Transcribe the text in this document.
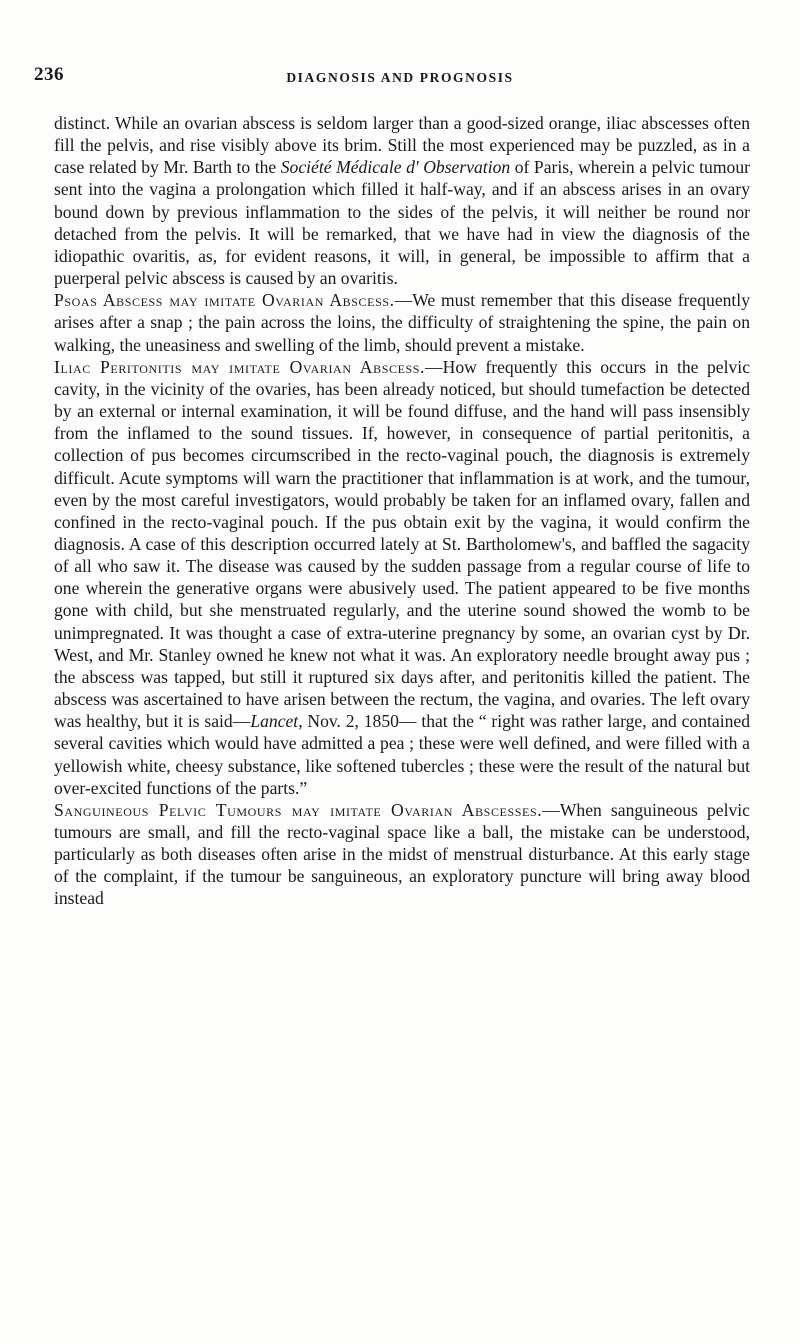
236	DIAGNOSIS AND PROGNOSIS

distinct. While an ovarian abscess is seldom larger than a good-sized orange, iliac abscesses often fill the pelvis, and rise visibly above its brim. Still the most experienced may be puzzled, as in a case related by Mr. Barth to the Société Médicale d' Observation of Paris, wherein a pelvic tumour sent into the vagina a prolongation which filled it half-way, and if an abscess arises in an ovary bound down by previous inflammation to the sides of the pelvis, it will neither be round nor detached from the pelvis. It will be remarked, that we have had in view the diagnosis of the idiopathic ovaritis, as, for evident reasons, it will, in general, be impossible to affirm that a puerperal pelvic abscess is caused by an ovaritis.

Psoas Abscess may imitate Ovarian Abscess.—We must remember that this disease frequently arises after a snap ; the pain across the loins, the difficulty of straightening the spine, the pain on walking, the uneasiness and swelling of the limb, should prevent a mistake.

Iliac Peritonitis may imitate Ovarian Abscess.—How frequently this occurs in the pelvic cavity, in the vicinity of the ovaries, has been already noticed, but should tumefaction be detected by an external or internal examination, it will be found diffuse, and the hand will pass insensibly from the inflamed to the sound tissues. If, however, in consequence of partial peritonitis, a collection of pus becomes circumscribed in the recto-vaginal pouch, the diagnosis is extremely difficult. Acute symptoms will warn the practitioner that inflammation is at work, and the tumour, even by the most careful investigators, would probably be taken for an inflamed ovary, fallen and confined in the recto-vaginal pouch. If the pus obtain exit by the vagina, it would confirm the diagnosis. A case of this description occurred lately at St. Bartholomew's, and baffled the sagacity of all who saw it. The disease was caused by the sudden passage from a regular course of life to one wherein the generative organs were abusively used. The patient appeared to be five months gone with child, but she menstruated regularly, and the uterine sound showed the womb to be unimpregnated. It was thought a case of extra-uterine pregnancy by some, an ovarian cyst by Dr. West, and Mr. Stanley owned he knew not what it was. An exploratory needle brought away pus ; the abscess was tapped, but still it ruptured six days after, and peritonitis killed the patient. The abscess was ascertained to have arisen between the rectum, the vagina, and ovaries. The left ovary was healthy, but it is said—Lancet, Nov. 2, 1850— that the “ right was rather large, and contained several cavities which would have admitted a pea ; these were well defined, and were filled with a yellowish white, cheesy substance, like softened tubercles ; these were the result of the natural but over-excited functions of the parts.”

Sanguineous Pelvic Tumours may imitate Ovarian Abscesses.—When sanguineous pelvic tumours are small, and fill the recto-vaginal space like a ball, the mistake can be understood, particularly as both diseases often arise in the midst of menstrual disturbance. At this early stage of the complaint, if the tumour be sanguineous, an exploratory puncture will bring away blood instead
